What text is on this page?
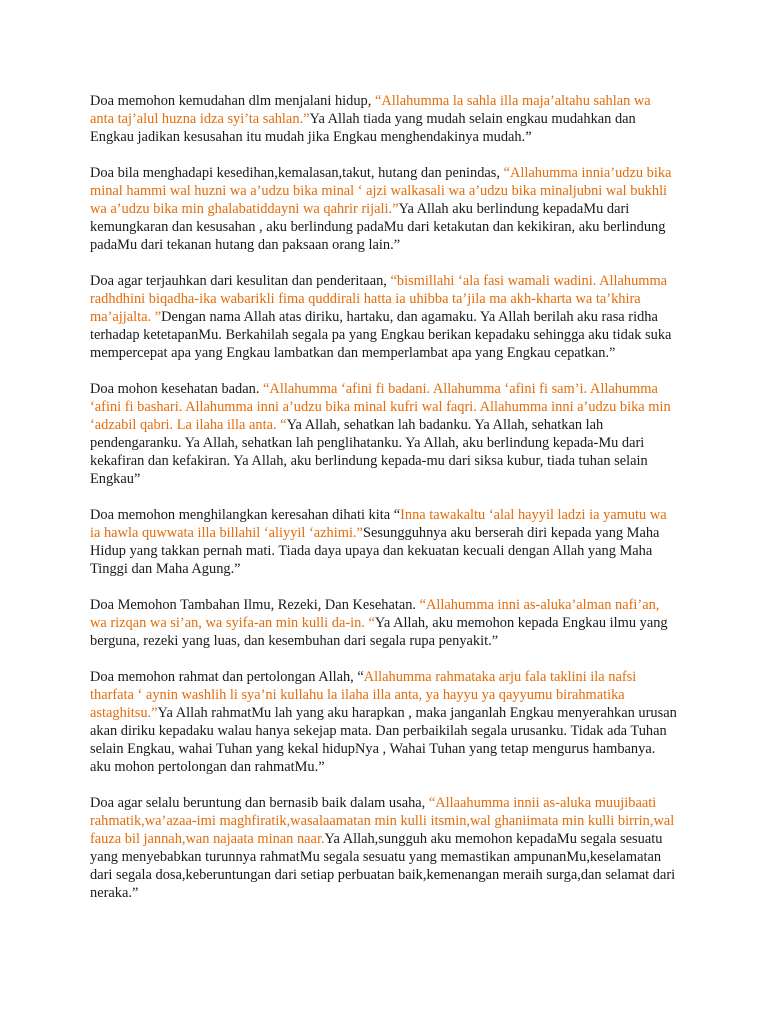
Doa memohon kemudahan dlm menjalani hidup, “Allahumma la sahla illa maja’altahu sahlan wa anta taj’alul huzna idza syi’ta sahlan.”Ya Allah tiada yang mudah selain engkau mudahkan dan Engkau jadikan kesusahan itu mudah jika Engkau menghendakinya mudah.”

Doa bila menghadapi kesedihan,kemalasan,takut, hutang dan penindas, “Allahumma innia’udzu bika minal hammi wal huzni wa a’udzu bika minal ‘ ajzi walkasali wa a’udzu bika minaljubni wal bukhli wa a’udzu bika min ghalabatiddayni wa qahrir rijali.”Ya Allah aku berlindung kepadaMu dari kemungkaran dan kesusahan , aku berlindung padaMu dari ketakutan dan kekikiran, aku berlindung padaMu dari tekanan hutang dan paksaan orang lain.”

Doa agar terjauhkan dari kesulitan dan penderitaan, “bismillahi ‘ala fasi wamali wadini. Allahumma radhdhini biqadha-ika wabarikli fima quddirali hatta ia uhibba ta’jila ma akh-kharta wa ta’khira ma’ajjalta. ”Dengan nama Allah atas diriku, hartaku, dan agamaku. Ya Allah berilah aku rasa ridha terhadap ketetapanMu. Berkahilah segala pa yang Engkau berikan kepadaku sehingga aku tidak suka mempercepat apa yang Engkau lambatkan dan memperlambat apa yang Engkau cepatkan.”

Doa mohon kesehatan badan. “Allahumma ‘afini fi badani. Allahumma ‘afini fi sam’i. Allahumma ‘afini fi bashari. Allahumma inni a’udzu bika minal kufri wal faqri. Allahumma inni a’udzu bika min ‘adzabil qabri. La ilaha illa anta. “Ya Allah, sehatkan lah badanku. Ya Allah, sehatkan lah pendengaranku. Ya Allah, sehatkan lah penglihatanku. Ya Allah, aku berlindung kepada-Mu dari kekafiran dan kefakiran. Ya Allah, aku berlindung kepada-mu dari siksa kubur, tiada tuhan selain Engkau”

Doa memohon menghilangkan keresahan dihati kita “Inna tawakaltu ‘alal hayyil ladzi ia yamutu wa ia hawla quwwata illa billahil ‘aliyyil ‘azhimi.”Sesungguhnya aku berserah diri kepada yang Maha Hidup yang takkan pernah mati. Tiada daya upaya dan kekuatan kecuali dengan Allah yang Maha Tinggi dan Maha Agung.”

Doa Memohon Tambahan Ilmu, Rezeki, Dan Kesehatan. “Allahumma inni as-aluka’alman nafi’an, wa rizqan wa si’an, wa syifa-an min kulli da-in. “Ya Allah, aku memohon kepada Engkau ilmu yang berguna, rezeki yang luas, dan kesembuhan dari segala rupa penyakit.”

Doa memohon rahmat dan pertolongan Allah, “Allahumma rahmataka arju fala taklini ila nafsi tharfata ‘ aynin washlih li sya’ni kullahu la ilaha illa anta, ya hayyu ya qayyumu birahmatika astaghitsu.”Ya Allah rahmatMu lah yang aku harapkan , maka janganlah Engkau menyerahkan urusan akan diriku kepadaku walau hanya sekejap mata. Dan perbaikilah segala urusanku. Tidak ada Tuhan selain Engkau, wahai Tuhan yang kekal hidupNya , Wahai Tuhan yang tetap mengurus hambanya. aku mohon pertolongan dan rahmatMu.”

Doa agar selalu beruntung dan bernasib baik dalam usaha, “Allaahumma innii as-aluka muujibaati rahmatik,wa’azaa-imi maghfiratik,wasalaamatan min kulli itsmin,wal ghaniimata min kulli birrin,wal fauza bil jannah,wan najaata minan naar.Ya Allah,sungguh aku memohon kepadaMu segala sesuatu yang menyebabkan turunnya rahmatMu segala sesuatu yang memastikan ampunanMu,keselamatan dari segala dosa,keberuntungan dari setiap perbuatan baik,kemenangan meraih surga,dan selamat dari neraka.”
